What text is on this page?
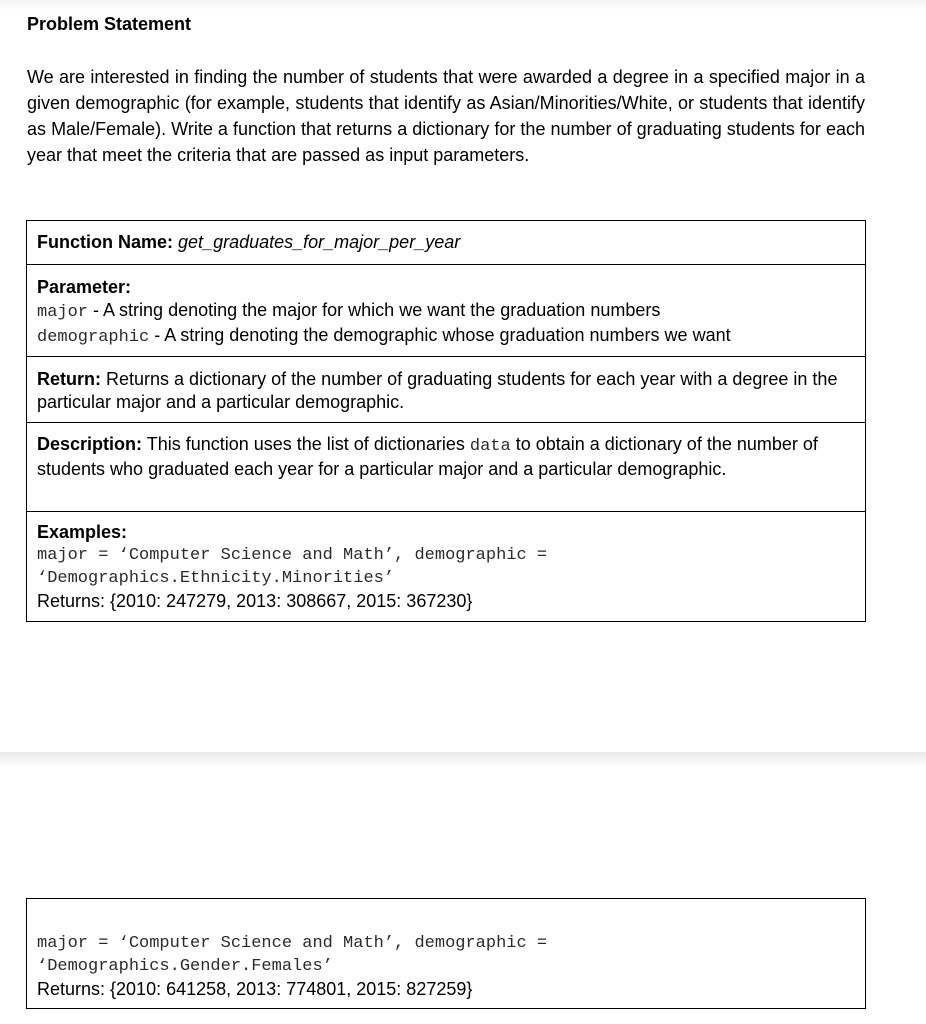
Problem Statement

We are interested in finding the number of students that were awarded a degree in a specified major in a given demographic (for example, students that identify as Asian/Minorities/White, or students that identify as Male/Female). Write a function that returns a dictionary for the number of graduating students for each year that meet the criteria that are passed as input parameters.

Function Name: get_graduates_for_major_per_year
Parameter:
major - A string denoting the major for which we want the graduation numbers
demographic - A string denoting the demographic whose graduation numbers we want
Return: Returns a dictionary of the number of graduating students for each year with a degree in the particular major and a particular demographic.
Description: This function uses the list of dictionaries data to obtain a dictionary of the number of students who graduated each year for a particular major and a particular demographic.
Examples:
major = ‘Computer Science and Math’, demographic =
‘Demographics.Ethnicity.Minorities’
Returns: {2010: 247279, 2013: 308667, 2015: 367230}
major = ‘Computer Science and Math’, demographic =
‘Demographics.Gender.Females’
Returns: {2010: 641258, 2013: 774801, 2015: 827259}
